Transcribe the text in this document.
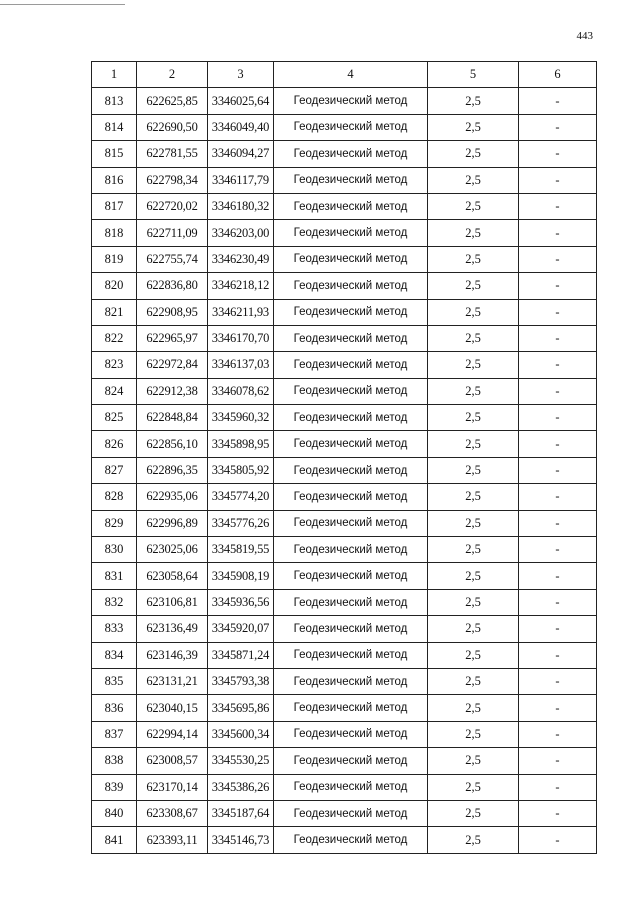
443
1	2	3	4	5	6
813	622625,85	3346025,64	Геодезический метод	2,5	-
814	622690,50	3346049,40	Геодезический метод	2,5	-
815	622781,55	3346094,27	Геодезический метод	2,5	-
816	622798,34	3346117,79	Геодезический метод	2,5	-
817	622720,02	3346180,32	Геодезический метод	2,5	-
818	622711,09	3346203,00	Геодезический метод	2,5	-
819	622755,74	3346230,49	Геодезический метод	2,5	-
820	622836,80	3346218,12	Геодезический метод	2,5	-
821	622908,95	3346211,93	Геодезический метод	2,5	-
822	622965,97	3346170,70	Геодезический метод	2,5	-
823	622972,84	3346137,03	Геодезический метод	2,5	-
824	622912,38	3346078,62	Геодезический метод	2,5	-
825	622848,84	3345960,32	Геодезический метод	2,5	-
826	622856,10	3345898,95	Геодезический метод	2,5	-
827	622896,35	3345805,92	Геодезический метод	2,5	-
828	622935,06	3345774,20	Геодезический метод	2,5	-
829	622996,89	3345776,26	Геодезический метод	2,5	-
830	623025,06	3345819,55	Геодезический метод	2,5	-
831	623058,64	3345908,19	Геодезический метод	2,5	-
832	623106,81	3345936,56	Геодезический метод	2,5	-
833	623136,49	3345920,07	Геодезический метод	2,5	-
834	623146,39	3345871,24	Геодезический метод	2,5	-
835	623131,21	3345793,38	Геодезический метод	2,5	-
836	623040,15	3345695,86	Геодезический метод	2,5	-
837	622994,14	3345600,34	Геодезический метод	2,5	-
838	623008,57	3345530,25	Геодезический метод	2,5	-
839	623170,14	3345386,26	Геодезический метод	2,5	-
840	623308,67	3345187,64	Геодезический метод	2,5	-
841	623393,11	3345146,73	Геодезический метод	2,5	-
